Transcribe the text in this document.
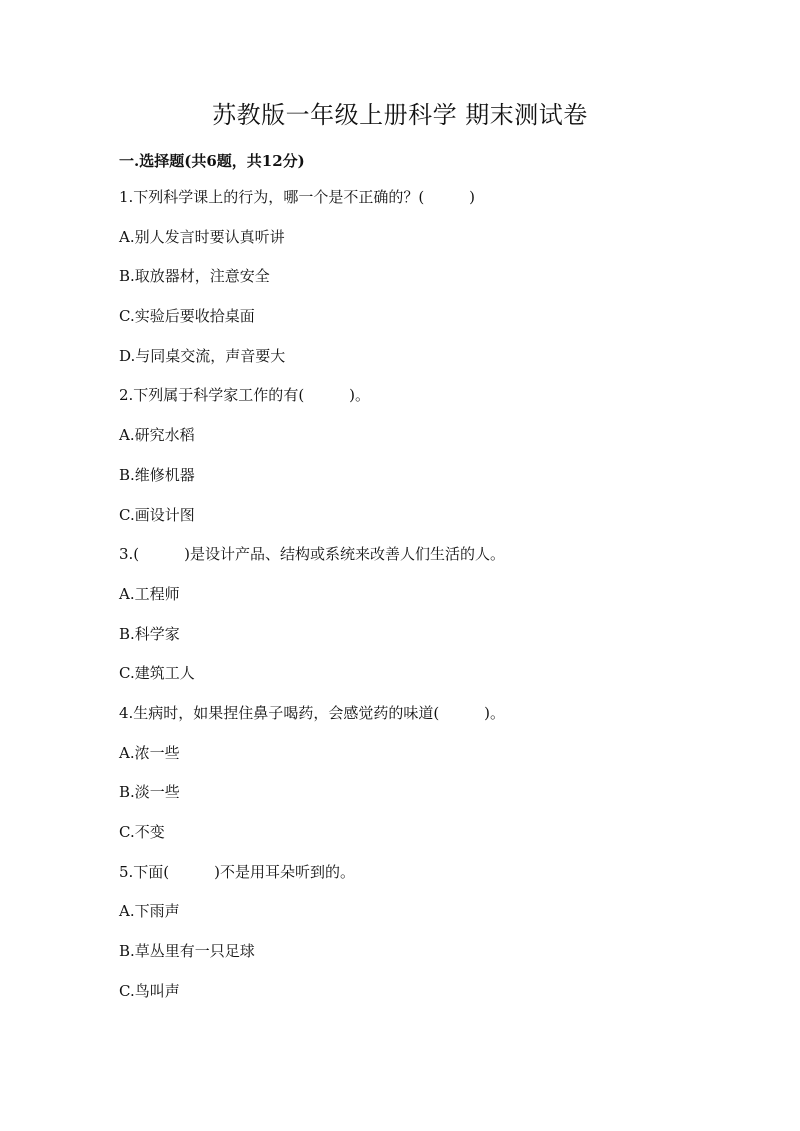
苏教版一年级上册科学 期末测试卷
一.选择题(共6题，共12分)
1.下列科学课上的行为，哪一个是不正确的？(　　　)
A.别人发言时要认真听讲
B.取放器材，注意安全
C.实验后要收拾桌面
D.与同桌交流，声音要大
2.下列属于科学家工作的有(　　　)。
A.研究水稻
B.维修机器
C.画设计图
3.(　　　)是设计产品、结构或系统来改善人们生活的人。
A.工程师
B.科学家
C.建筑工人
4.生病时，如果捏住鼻子喝药，会感觉药的味道(　　　)。
A.浓一些
B.淡一些
C.不变
5.下面(　　　)不是用耳朵听到的。
A.下雨声
B.草丛里有一只足球
C.鸟叫声
